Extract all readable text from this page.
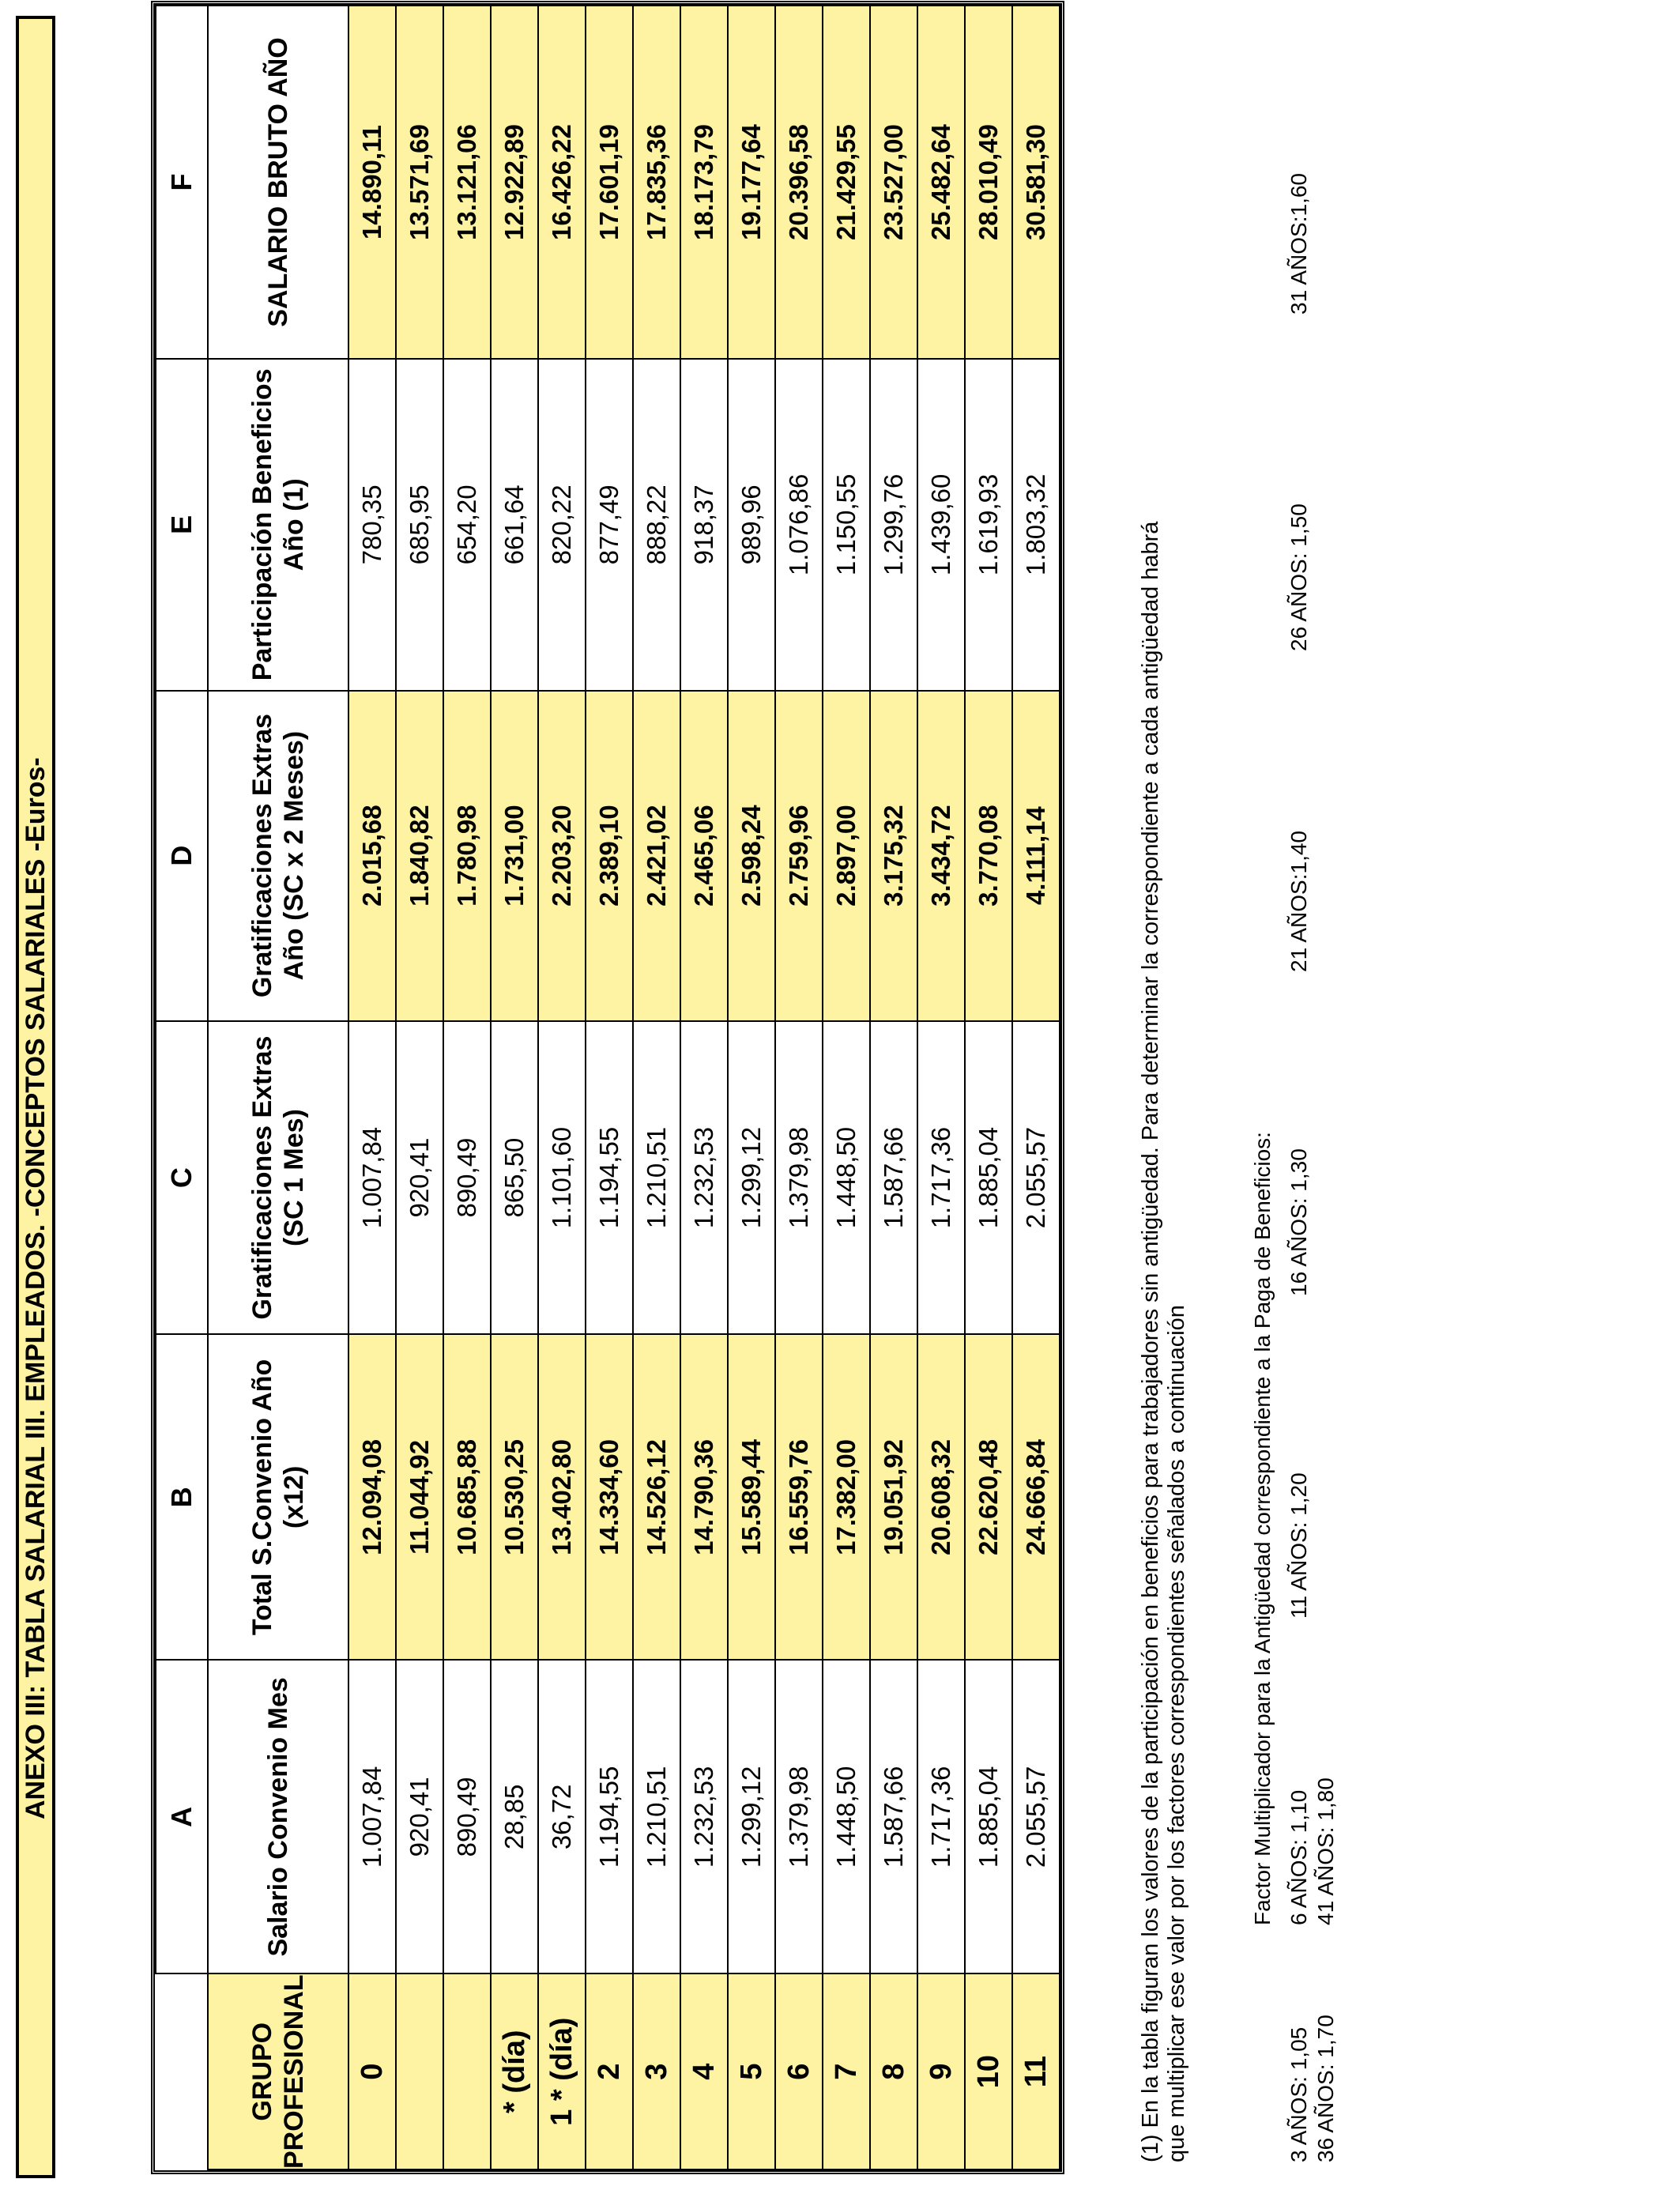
ANEXO III: TABLA SALARIAL III. EMPLEADOS. -CONCEPTOS SALARIALES -Euros-
		A	B	C	D	E	F
GRUPO PROFESIONAL	Salario Convenio Mes	Total S.Convenio Año (x12)	Gratificaciones Extras (SC 1 Mes)	Gratificaciones Extras Año (SC x 2 Meses)	Participación Beneficios Año (1)	SALARIO BRUTO AÑO
0	1.007,84	12.094,08	1.007,84	2.015,68	780,35	14.890,11
	920,41	11.044,92	920,41	1.840,82	685,95	13.571,69
	890,49	10.685,88	890,49	1.780,98	654,20	13.121,06
* (día)	28,85	10.530,25	865,50	1.731,00	661,64	12.922,89
1 * (día)	36,72	13.402,80	1.101,60	2.203,20	820,22	16.426,22
2	1.194,55	14.334,60	1.194,55	2.389,10	877,49	17.601,19
3	1.210,51	14.526,12	1.210,51	2.421,02	888,22	17.835,36
4	1.232,53	14.790,36	1.232,53	2.465,06	918,37	18.173,79
5	1.299,12	15.589,44	1.299,12	2.598,24	989,96	19.177,64
6	1.379,98	16.559,76	1.379,98	2.759,96	1.076,86	20.396,58
7	1.448,50	17.382,00	1.448,50	2.897,00	1.150,55	21.429,55
8	1.587,66	19.051,92	1.587,66	3.175,32	1.299,76	23.527,00
9	1.717,36	20.608,32	1.717,36	3.434,72	1.439,60	25.482,64
10	1.885,04	22.620,48	1.885,04	3.770,08	1.619,93	28.010,49
11	2.055,57	24.666,84	2.055,57	4.111,14	1.803,32	30.581,30
(1) En la tabla figuran los valores de la participación en beneficios para trabajadores sin antigüedad. Para determinar la correspondiente a cada antigüedad habrá que multiplicar ese valor por los factores correspondientes señalados a continuación	Factor Multiplicador para la Antigüedad correspondiente a la Paga de Beneficios:
3 AÑOS: 1,05
6 AÑOS: 1,10
11 AÑOS: 1,20
16 AÑOS: 1,30
21 AÑOS:1,40
26 AÑOS: 1,50
31 AÑOS:1,60
36 AÑOS: 1,70
41 AÑOS: 1,80
